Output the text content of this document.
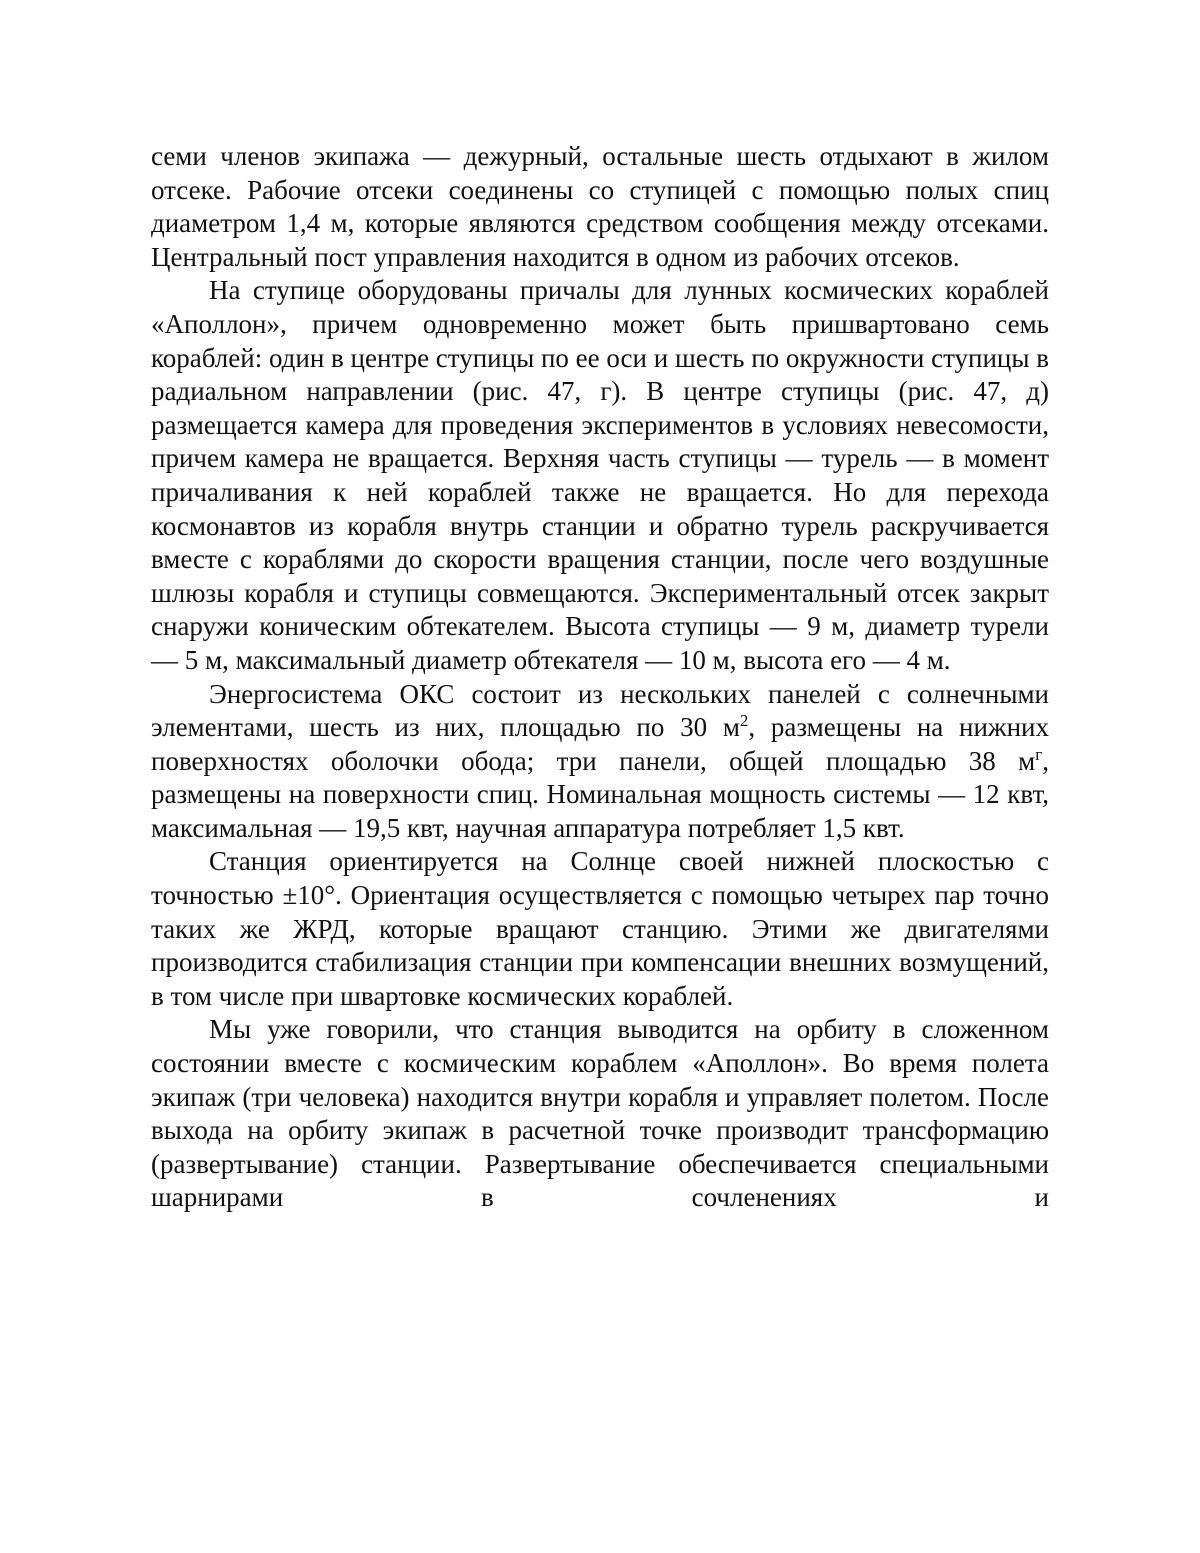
семи членов экипажа — дежурный, остальные шесть отдыхают в жилом отсеке. Рабочие отсеки соединены со ступицей с помощью полых спиц диаметром 1,4 м, которые являются средством сообщения между отсеками. Центральный пост управления находится в одном из рабочих отсеков.

На ступице оборудованы причалы для лунных космических кораблей «Аполлон», причем одновременно может быть пришвартовано семь кораблей: один в центре ступицы по ее оси и шесть по окружности ступицы в радиальном направлении (рис. 47, г). В центре ступицы (рис. 47, д) размещается камера для проведения экспериментов в условиях невесомости, причем камера не вращается. Верхняя часть ступицы — турель — в момент причаливания к ней кораблей также не вращается. Но для перехода космонавтов из корабля внутрь станции и обратно турель раскручивается вместе с кораблями до скорости вращения станции, после чего воздушные шлюзы корабля и ступицы совмещаются. Экспериментальный отсек закрыт снаружи коническим обтекателем. Высота ступицы — 9 м, диаметр турели — 5 м, максимальный диаметр обтекателя — 10 м, высота его — 4 м.

Энергосистема ОКС состоит из нескольких панелей с солнечными элементами, шесть из них, площадью по 30 $м^2$, размещены на нижних поверхностях оболочки обода; три панели, общей площадью 38 $м^г$, размещены на поверхности спиц. Номинальная мощность системы — 12 квт, максимальная — 19,5 квт, научная аппаратура потребляет 1,5 квт.

Станция ориентируется на Солнце своей нижней плоскостью с точностью ±10°. Ориентация осуществляется с помощью четырех пар точно таких же ЖРД, которые вращают станцию. Этими же двигателями производится стабилизация станции при компенсации внешних возмущений, в том числе при швартовке космических кораблей.

Мы уже говорили, что станция выводится на орбиту в сложенном состоянии вместе с космическим кораблем «Аполлон». Во время полета экипаж (три человека) находится внутри корабля и управляет полетом. После выхода на орбиту экипаж в расчетной точке производит трансформацию (развертывание) станции. Развертывание обеспечивается специальными шарнирами в сочленениях и
